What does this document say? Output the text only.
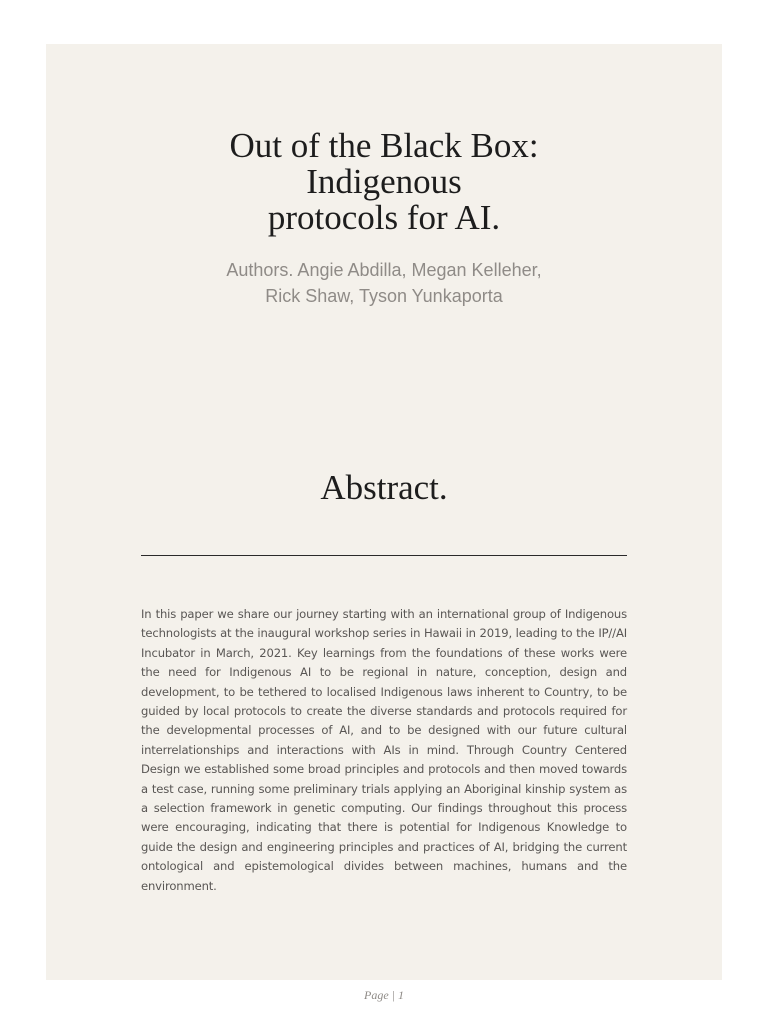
Out of the Black Box:
Indigenous
protocols for AI.
Authors. Angie Abdilla, Megan Kelleher,
Rick Shaw, Tyson Yunkaporta
Abstract.

In this paper we share our journey starting with an international group of Indigenous technologists at the inaugural workshop series in Hawaii in 2019, leading to the IP//AI Incubator in March, 2021. Key learnings from the foundations of these works were the need for Indigenous AI to be regional in nature, conception, design and development, to be tethered to localised Indigenous laws inherent to Country, to be guided by local protocols to create the diverse standards and protocols required for the developmental processes of AI, and to be designed with our future cultural interrelationships and interactions with AIs in mind. Through Country Centered Design we established some broad principles and protocols and then moved towards a test case, running some preliminary trials applying an Aboriginal kinship system as a selection framework in genetic computing. Our findings throughout this process were encouraging, indicating that there is potential for Indigenous Knowledge to guide the design and engineering principles and practices of AI, bridging the current ontological and epistemological divides between machines, humans and the environment.

Page | 1
